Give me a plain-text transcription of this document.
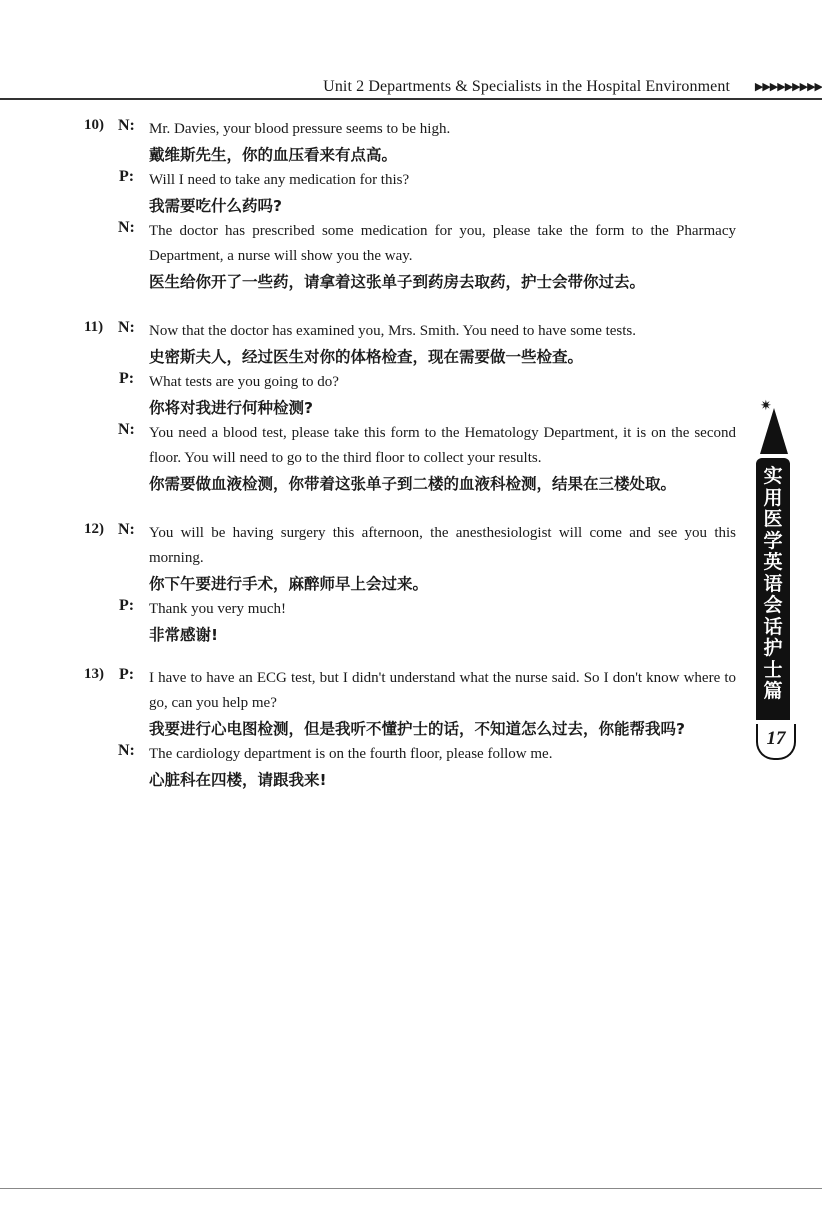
Unit 2 Departments & Specialists in the Hospital Environment ▶▶▶▶▶▶▶▶▶
10) N: Mr. Davies, your blood pressure seems to be high.
戴维斯先生，你的血压看来有点高。
P: Will I need to take any medication for this?
我需要吃什么药吗?
N: The doctor has prescribed some medication for you, please take the form to the Pharmacy Department, a nurse will show you the way.
医生给你开了一些药，请拿着这张单子到药房去取药，护士会带你过去。
11) N: Now that the doctor has examined you, Mrs. Smith. You need to have some tests.
史密斯夫人，经过医生对你的体格检查，现在需要做一些检查。
P: What tests are you going to do?
你将对我进行何种检测?
N: You need a blood test, please take this form to the Hematology Department, it is on the second floor. You will need to go to the third floor to collect your results.
你需要做血液检测，你带着这张单子到二楼的血液科检测，结果在三楼处取。
12) N: You will be having surgery this afternoon, the anesthesiologist will come and see you this morning.
你下午要进行手术，麻醉师早上会过来。
P: Thank you very much!
非常感谢!
13) P: I have to have an ECG test, but I didn't understand what the nurse said. So I don't know where to go, can you help me?
我要进行心电图检测，但是我听不懂护士的话，不知道怎么过去，你能帮我吗?
N: The cardiology department is on the fourth floor, please follow me.
心脏科在四楼，请跟我来!
✷
实用医学英语会话 护士篇
17
